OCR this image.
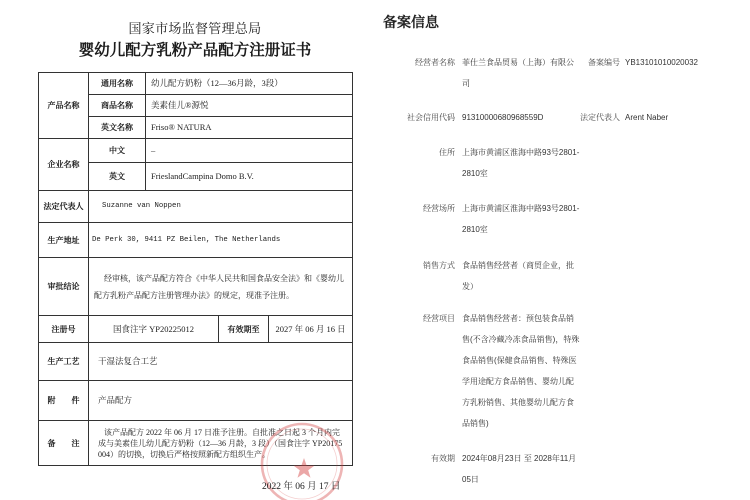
国家市场监督管理总局
婴幼儿配方乳粉产品配方注册证书
产品名称	通用名称	幼儿配方奶粉（12—36月龄，3段）		
	商品名称	美素佳儿®源悦		
	英文名称	Friso® NATURA		
企业名称	中文	–		
	英文	FrieslandCampina Domo B.V.		
法定代表人	Suzanne van Noppen			
生产地址	De Perk 30, 9411 PZ Beilen, The Netherlands			
审批结论	经审核，该产品配方符合《中华人民共和国食品安全法》和《婴幼儿配方乳粉产品配方注册管理办法》的规定，现准予注册。			
注册号	国食注字 YP20225012		有效期至	2027 年 06 月 16 日
生产工艺	干湿法复合工艺			
附 件	产品配方			
备 注	该产品配方 2022 年 06 月 17 日准予注册。自批准之日起 3 个月内完成与美素佳儿幼儿配方奶粉（12—36 月龄，3 段）（国食注字 YP20175004）的切换，切换后严格按照新配方组织生产。			
2022 年 06 月 17 日
备案信息
经营者名称 菲仕兰食品贸易（上海）有限公司
备案编号 YB13101010020032
社会信用代码 91310000680968559D	法定代表人 Arent Naber
住所 上海市黄浦区淮海中路93号2801-2810室
经营场所 上海市黄浦区淮海中路93号2801-2810室
销售方式 食品销售经营者（商贸企业，批发）
经营项目 食品销售经营者：预包装食品销售(不含冷藏冷冻食品销售)，特殊食品销售(保健食品销售、特殊医学用途配方食品销售、婴幼儿配方乳粉销售、其他婴幼儿配方食品销售)
有效期 2024年08月23日 至 2028年11月05日
